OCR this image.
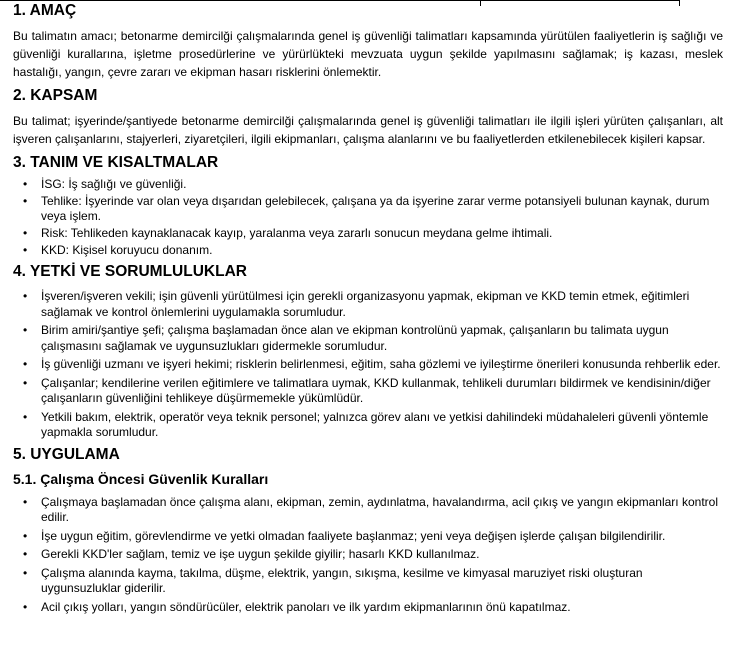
1. AMAÇ

Bu talimatın amacı; betonarme demircilği çalışmalarında genel iş güvenliği talimatları kapsamında yürütülen faaliyetlerin iş sağlığı ve güvenliği kurallarına, işletme prosedürlerine ve yürürlükteki mevzuata uygun şekilde yapılmasını sağlamak; iş kazası, meslek hastalığı, yangın, çevre zararı ve ekipman hasarı risklerini önlemektir.

2. KAPSAM

Bu talimat; işyerinde/şantiyede betonarme demircilği çalışmalarında genel iş güvenliği talimatları ile ilgili işleri yürüten çalışanları, alt işveren çalışanlarını, stajyerleri, ziyaretçileri, ilgili ekipmanları, çalışma alanlarını ve bu faaliyetlerden etkilenebilecek kişileri kapsar.

3. TANIM VE KISALTMALAR
• İSG: İş sağlığı ve güvenliği.
• Tehlike: İşyerinde var olan veya dışarıdan gelebilecek, çalışana ya da işyerine zarar verme potansiyeli bulunan kaynak, durum veya işlem.
• Risk: Tehlikeden kaynaklanacak kayıp, yaralanma veya zararlı sonucun meydana gelme ihtimali.
• KKD: Kişisel koruyucu donanım.
4. YETKİ VE SORUMLULUKLAR
• İşveren/işveren vekili; işin güvenli yürütülmesi için gerekli organizasyonu yapmak, ekipman ve KKD temin etmek, eğitimleri sağlamak ve kontrol önlemlerini uygulamakla sorumludur.
• Birim amiri/şantiye şefi; çalışma başlamadan önce alan ve ekipman kontrolünü yapmak, çalışanların bu talimata uygun çalışmasını sağlamak ve uygunsuzlukları gidermekle sorumludur.
• İş güvenliği uzmanı ve işyeri hekimi; risklerin belirlenmesi, eğitim, saha gözlemi ve iyileştirme önerileri konusunda rehberlik eder.
• Çalışanlar; kendilerine verilen eğitimlere ve talimatlara uymak, KKD kullanmak, tehlikeli durumları bildirmek ve kendisinin/diğer çalışanların güvenliğini tehlikeye düşürmemekle yükümlüdür.
• Yetkili bakım, elektrik, operatör veya teknik personel; yalnızca görev alanı ve yetkisi dahilindeki müdahaleleri güvenli yöntemle yapmakla sorumludur.
5. UYGULAMA
5.1. Çalışma Öncesi Güvenlik Kuralları
• Çalışmaya başlamadan önce çalışma alanı, ekipman, zemin, aydınlatma, havalandırma, acil çıkış ve yangın ekipmanları kontrol edilir.
• İşe uygun eğitim, görevlendirme ve yetki olmadan faaliyete başlanmaz; yeni veya değişen işlerde çalışan bilgilendirilir.
• Gerekli KKD'ler sağlam, temiz ve işe uygun şekilde giyilir; hasarlı KKD kullanılmaz.
• Çalışma alanında kayma, takılma, düşme, elektrik, yangın, sıkışma, kesilme ve kimyasal maruziyet riski oluşturan uygunsuzluklar giderilir.
• Acil çıkış yolları, yangın söndürücüler, elektrik panoları ve ilk yardım ekipmanlarının önü kapatılmaz.
